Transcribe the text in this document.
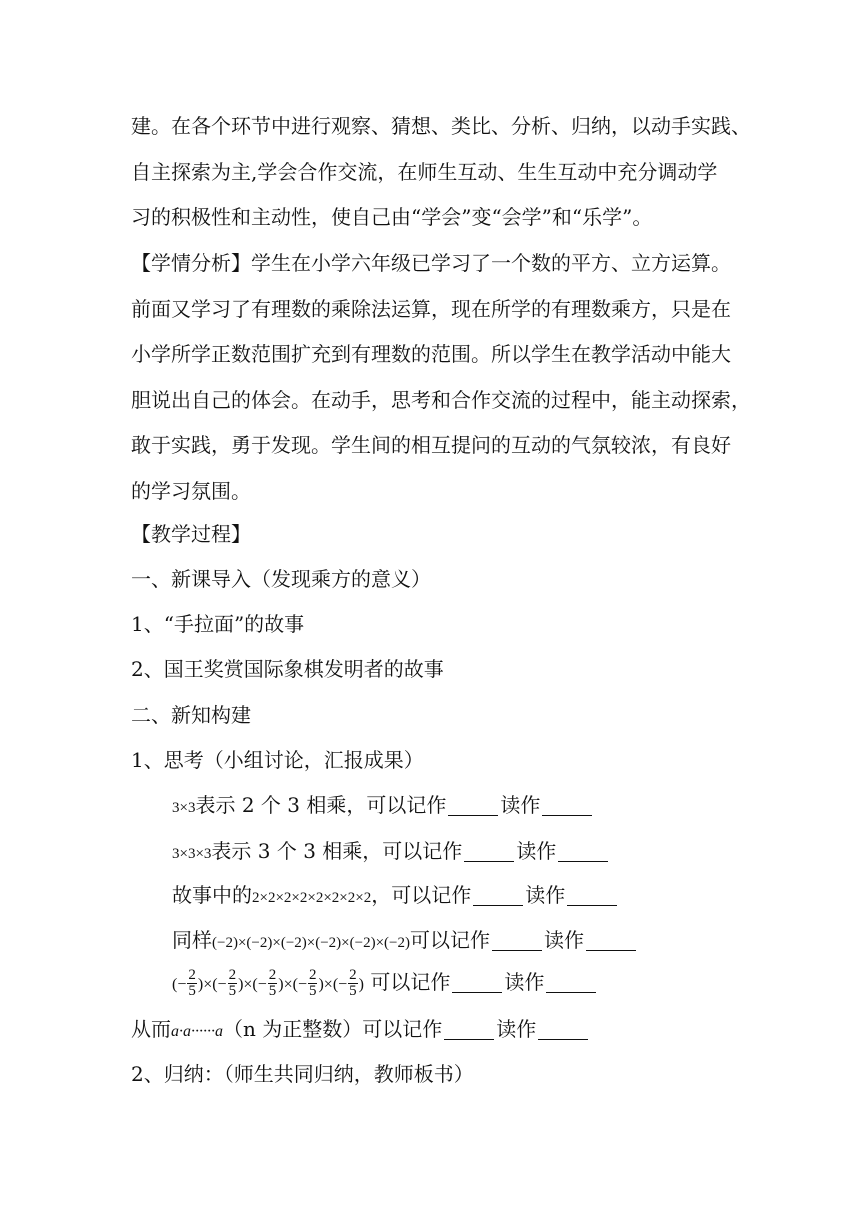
建。在各个环节中进行观察、猜想、类比、分析、归纳，以动手实践、
自主探索为主,学会合作交流，在师生互动、生生互动中充分调动学
习的积极性和主动性，使自己由“学会”变“会学”和“乐学”。
【学情分析】学生在小学六年级已学习了一个数的平方、立方运算。
前面又学习了有理数的乘除法运算，现在所学的有理数乘方，只是在
小学所学正数范围扩充到有理数的范围。所以学生在教学活动中能大
胆说出自己的体会。在动手，思考和合作交流的过程中，能主动探索，
敢于实践，勇于发现。学生间的相互提问的互动的气氛较浓，有良好
的学习氛围。
【教学过程】
一、新课导入（发现乘方的意义）
1、“手拉面”的故事
2、国王奖赏国际象棋发明者的故事
二、新知构建
1、思考（小组讨论，汇报成果）
3×3表示 2 个 3 相乘，可以记作	读作
3×3×3表示 3 个 3 相乘，可以记作	读作
故事中的2×2×2×2×2×2×2×2，可以记作	读作
同样(−2)×(−2)×(−2)×(−2)×(−2)×(−2)可以记作	读作
(− $\frac{2}{5}$ )×(− $\frac{2}{5}$ )×(− $\frac{2}{5}$ )×(− $\frac{2}{5}$ )×(− $\frac{2}{5}$ ) 可以记作	读作
从而a·a······a（n 为正整数）可以记作	读作
2、归纳：（师生共同归纳，教师板书）
